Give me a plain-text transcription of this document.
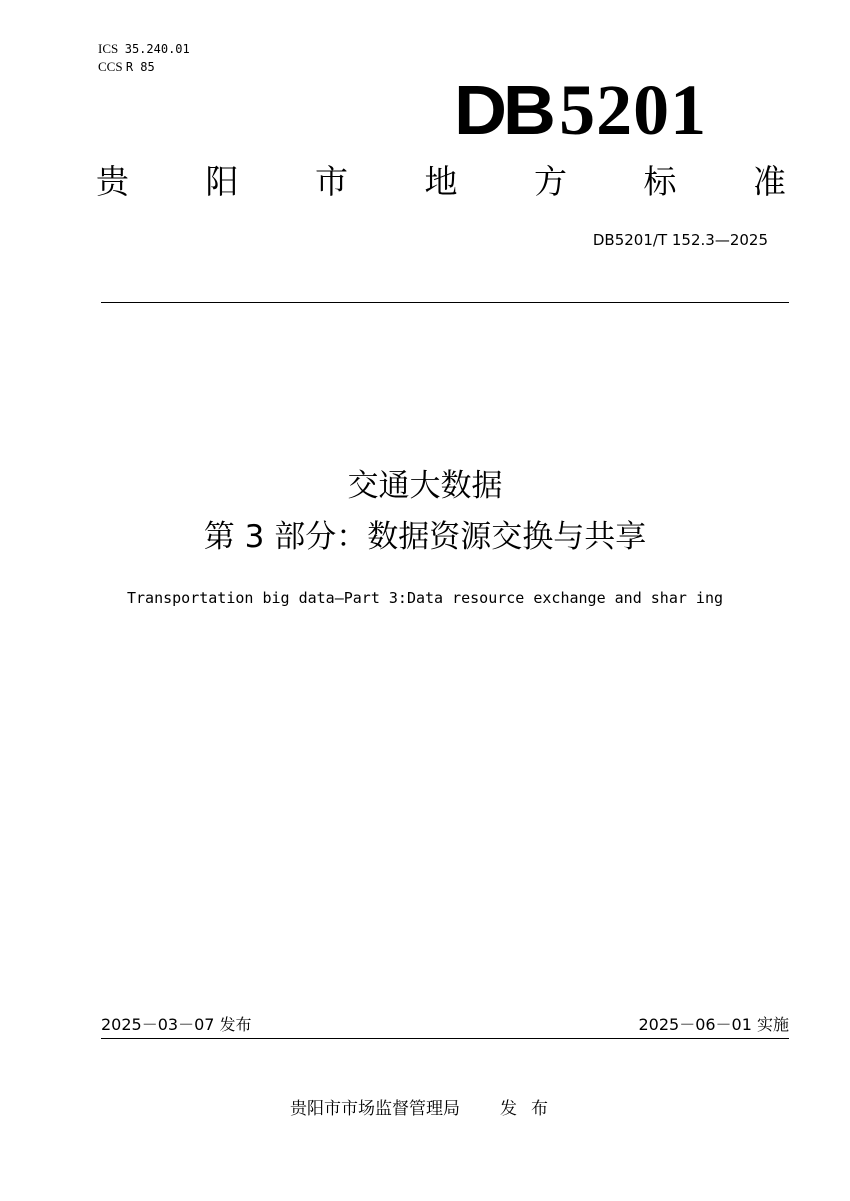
ICS 35.240.01
CCS R 85
DB 5201
贵 阳 市 地 方 标 准
DB5201/T 152.3—2025
交通大数据
第 3 部分：数据资源交换与共享
Transportation big data—Part 3:Data resource exchange and shar ing
2025－03－07 发布	2025－06－01 实施
贵阳市市场监督管理局 发布
